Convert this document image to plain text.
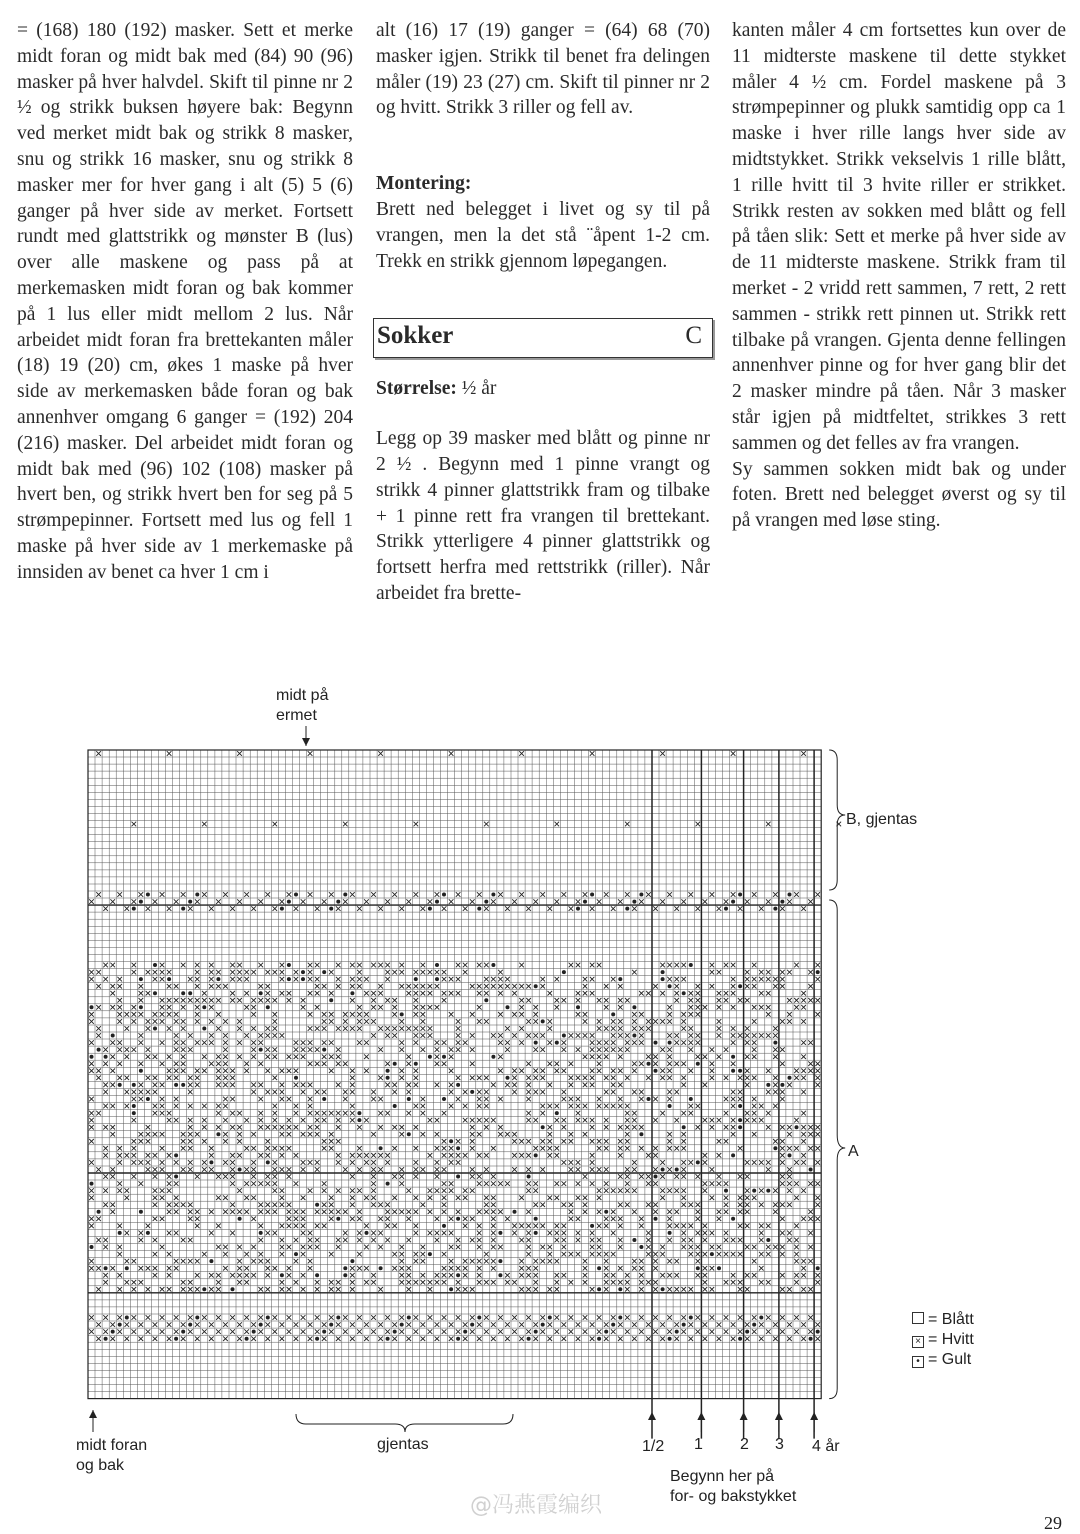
= (168) 180 (192) masker. Sett et merke midt foran og midt bak med (84) 90 (96) masker på hver halvdel. Skift til pinne nr 2 ½ og strikk buksen høyere bak: Begynn ved merket midt bak og strikk 8 masker, snu og strikk 16 masker, snu og strikk 8 masker mer for hver gang i alt (5) 5 (6) ganger på hver side av merket. Fortsett rundt med glattstrikk og mønster B (lus) over alle maskene og pass på at merkemasken midt foran og bak kommer på 1 lus eller midt mellom 2 lus. Når arbeidet midt foran fra brettekanten måler (18) 19 (20) cm, økes 1 maske på hver side av merkemasken både foran og bak annenhver omgang 6 ganger = (192) 204 (216) masker. Del arbeidet midt foran og midt bak med (96) 102 (108) masker på hvert ben, og strikk hvert ben for seg på 5 strømpepinner. Fortsett med lus og fell 1 maske på hver side av 1 merkemaske på innsiden av benet ca hver 1 cm i

alt (16) 17 (19) ganger = (64) 68 (70) masker igjen. Strikk til benet fra delingen måler (19) 23 (27) cm. Skift til pinner nr 2 og hvitt. Strikk 3 riller og fell av.

Montering:

Brett ned belegget i livet og sy til på vrangen, men la det stå ¨åpent 1-2 cm. Trekk en strikk gjennom løpegangen.

Sokker	C

Størrelse: ½ år

Legg op 39 masker med blått og pinne nr 2 ½ . Begynn med 1 pinne vrangt og strikk 4 pinner glattstrikk fram og tilbake + 1 pinne rett fra vrangen til brettekant. Strikk ytterligere 4 pinner glattstrikk og fortsett herfra med rettstrikk (riller). Når arbeidet fra brette-

kanten måler 4 cm fortsettes kun over de 11 midterste maskene til dette stykket måler 4 ½ cm. Fordel maskene på 3 strømpepinner og plukk samtidig opp ca 1 maske i hver rille langs hver side av midtstykket. Strikk vekselvis 1 rille blått, 1 rille hvitt til 3 hvite riller er strikket. Strikk resten av sokken med blått og fell på tåen slik: Sett et merke på hver side av de 11 midterste maskene. Strikk fram til merket - 2 vridd rett sammen, 7 rett, 2 rett sammen - strikk rett pinnen ut. Strikk rett tilbake på vrangen. Gjenta denne fellingen annenhver pinne og for hver gang blir det 2 masker mindre på tåen. Når 3 masker står igjen på midtfeltet, strikkes 3 rett sammen og det felles av fra vrangen.

Sy sammen sokken midt bak og under foten. Brett ned belegget øverst og sy til på vrangen med løse sting.

midt på
ermet
B, gjentas
A
midt foran
og bak
gjentas	1/2 1 2 3 4 år
Begynn her på
for- og bakstykket
= Blått
× = Hvitt
• = Gult
29
@冯燕霞编织
